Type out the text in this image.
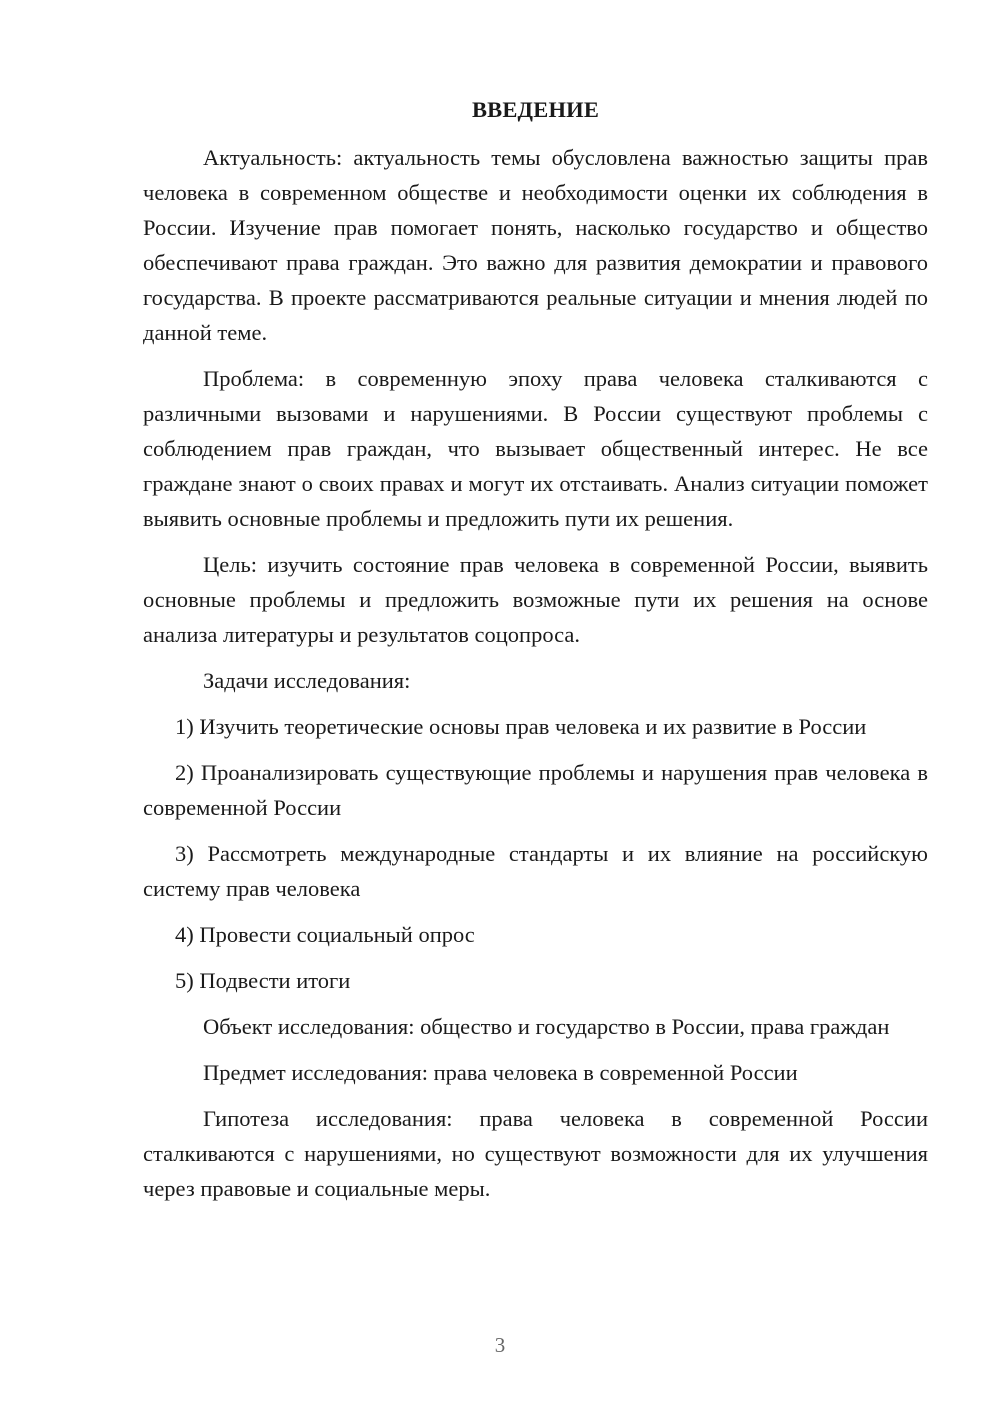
ВВЕДЕНИЕ

Актуальность: актуальность темы обусловлена важностью защиты прав человека в современном обществе и необходимости оценки их соблюдения в России. Изучение прав помогает понять, насколько государство и общество обеспечивают права граждан. Это важно для развития демократии и правового государства. В проекте рассматриваются реальные ситуации и мнения людей по данной теме.

Проблема: в современную эпоху права человека сталкиваются с различными вызовами и нарушениями. В России существуют проблемы с соблюдением прав граждан, что вызывает общественный интерес. Не все граждане знают о своих правах и могут их отстаивать. Анализ ситуации поможет выявить основные проблемы и предложить пути их решения.

Цель: изучить состояние прав человека в современной России, выявить основные проблемы и предложить возможные пути их решения на основе анализа литературы и результатов соцопроса.

Задачи исследования:

1) Изучить теоретические основы прав человека и их развитие в России

2) Проанализировать существующие проблемы и нарушения прав человека в современной России

3) Рассмотреть международные стандарты и их влияние на российскую систему прав человека

4) Провести социальный опрос

5) Подвести итоги

Объект исследования: общество и государство в России, права граждан

Предмет исследования: права человека в современной России

Гипотеза исследования: права человека в современной России сталкиваются с нарушениями, но существуют возможности для их улучшения через правовые и социальные меры.

3
